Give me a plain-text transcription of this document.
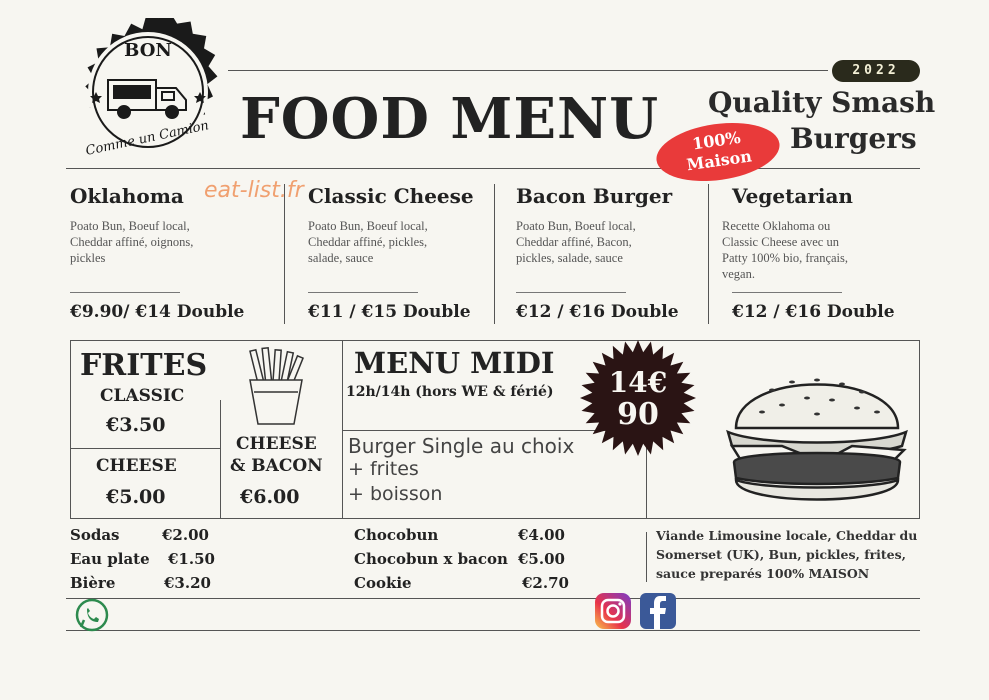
BON
Comme un Camion FOOD MENU
2022
Quality Smash
Burgers
100%
Maison
Oklahoma
Poato Bun, Boeuf local,
Cheddar affiné, oignons,
pickles
€9.90/ €14 Double
Classic Cheese
Poato Bun, Boeuf local,
Cheddar affiné, pickles,
salade, sauce
€11 / €15 Double
Bacon Burger
Poato Bun, Boeuf local,
Cheddar affiné, Bacon,
pickles, salade, sauce
€12 / €16 Double
Vegetarian
Recette Oklahoma ou
Classic Cheese avec un
Patty 100% bio, français,
vegan.
€12 / €16 Double
eat-list.fr
FRITES
CLASSIC
€3.50
CHEESE
€5.00
CHEESE
& BACON
€6.00
MENU MIDI
12h/14h (hors WE & férié)
Burger Single au choix
+ frites
+ boisson
14€
90
Sodas	€2.00
Eau plate €1.50
Bière	€3.20
Chocobun	€4.00
Chocobun x bacon €5.00
Cookie	€2.70
Viande Limousine locale, Cheddar du Somerset (UK), Bun, pickles, frites, sauce preparés 100% MAISON
